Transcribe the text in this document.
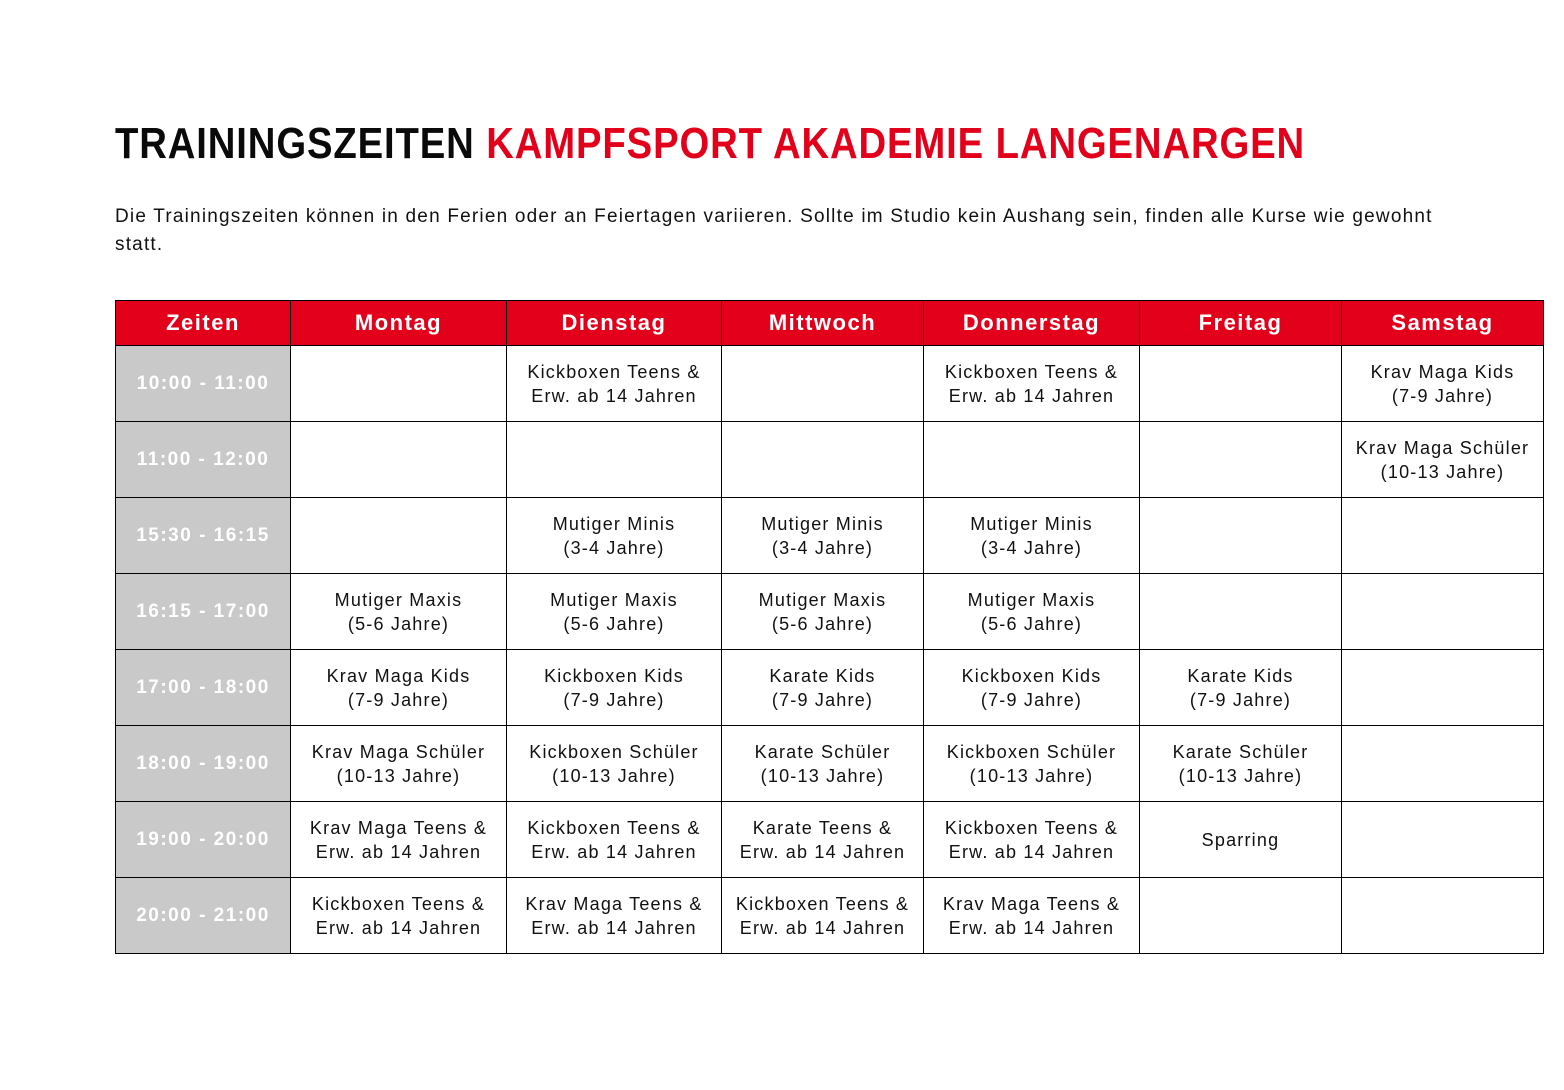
TRAININGSZEITEN KAMPFSPORT AKADEMIE LANGENARGEN

Die Trainingszeiten können in den Ferien oder an Feiertagen variieren. Sollte im Studio kein Aushang sein, finden alle Kurse wie gewohnt statt.

Zeiten	Montag	Dienstag	Mittwoch	Donnerstag	Freitag	Samstag
10:00 - 11:00		Kickboxen Teens &
Erw. ab 14 Jahren		Kickboxen Teens &
Erw. ab 14 Jahren		Krav Maga Kids
(7-9 Jahre)

11:00 - 12:00						Krav Maga Schüler
(10-13 Jahre)

15:30 - 16:15		Mutiger Minis
(3-4 Jahre)	Mutiger Minis
(3-4 Jahre)	Mutiger Minis
(3-4 Jahre)		

16:15 - 17:00	Mutiger Maxis
(5-6 Jahre)	Mutiger Maxis
(5-6 Jahre)	Mutiger Maxis
(5-6 Jahre)	Mutiger Maxis
(5-6 Jahre)		

17:00 - 18:00	Krav Maga Kids
(7-9 Jahre)	Kickboxen Kids
(7-9 Jahre)	Karate Kids
(7-9 Jahre)	Kickboxen Kids
(7-9 Jahre)	Karate Kids
(7-9 Jahre)	

18:00 - 19:00	Krav Maga Schüler
(10-13 Jahre)	Kickboxen Schüler
(10-13 Jahre)	Karate Schüler
(10-13 Jahre)	Kickboxen Schüler
(10-13 Jahre)	Karate Schüler
(10-13 Jahre)	

19:00 - 20:00	Krav Maga Teens &
Erw. ab 14 Jahren	Kickboxen Teens &
Erw. ab 14 Jahren	Karate Teens &
Erw. ab 14 Jahren	Kickboxen Teens &
Erw. ab 14 Jahren	Sparring	

20:00 - 21:00	Kickboxen Teens &
Erw. ab 14 Jahren	Krav Maga Teens &
Erw. ab 14 Jahren	Kickboxen Teens &
Erw. ab 14 Jahren	Krav Maga Teens &
Erw. ab 14 Jahren		
